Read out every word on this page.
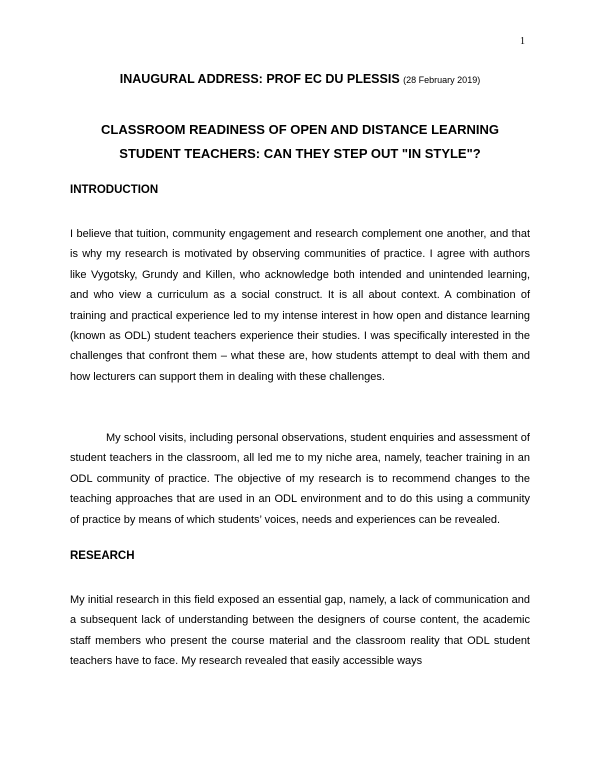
1
INAUGURAL ADDRESS: PROF EC DU PLESSIS (28 February 2019)
CLASSROOM READINESS OF OPEN AND DISTANCE LEARNING STUDENT TEACHERS: CAN THEY STEP OUT "IN STYLE"?
INTRODUCTION
I believe that tuition, community engagement and research complement one another, and that is why my research is motivated by observing communities of practice. I agree with authors like Vygotsky, Grundy and Killen, who acknowledge both intended and unintended learning, and who view a curriculum as a social construct. It is all about context. A combination of training and practical experience led to my intense interest in how open and distance learning (known as ODL) student teachers experience their studies. I was specifically interested in the challenges that confront them – what these are, how students attempt to deal with them and how lecturers can support them in dealing with these challenges.
My school visits, including personal observations, student enquiries and assessment of student teachers in the classroom, all led me to my niche area, namely, teacher training in an ODL community of practice. The objective of my research is to recommend changes to the teaching approaches that are used in an ODL environment and to do this using a community of practice by means of which students’ voices, needs and experiences can be revealed.
RESEARCH
My initial research in this field exposed an essential gap, namely, a lack of communication and a subsequent lack of understanding between the designers of course content, the academic staff members who present the course material and the classroom reality that ODL student teachers have to face. My research revealed that easily accessible ways
